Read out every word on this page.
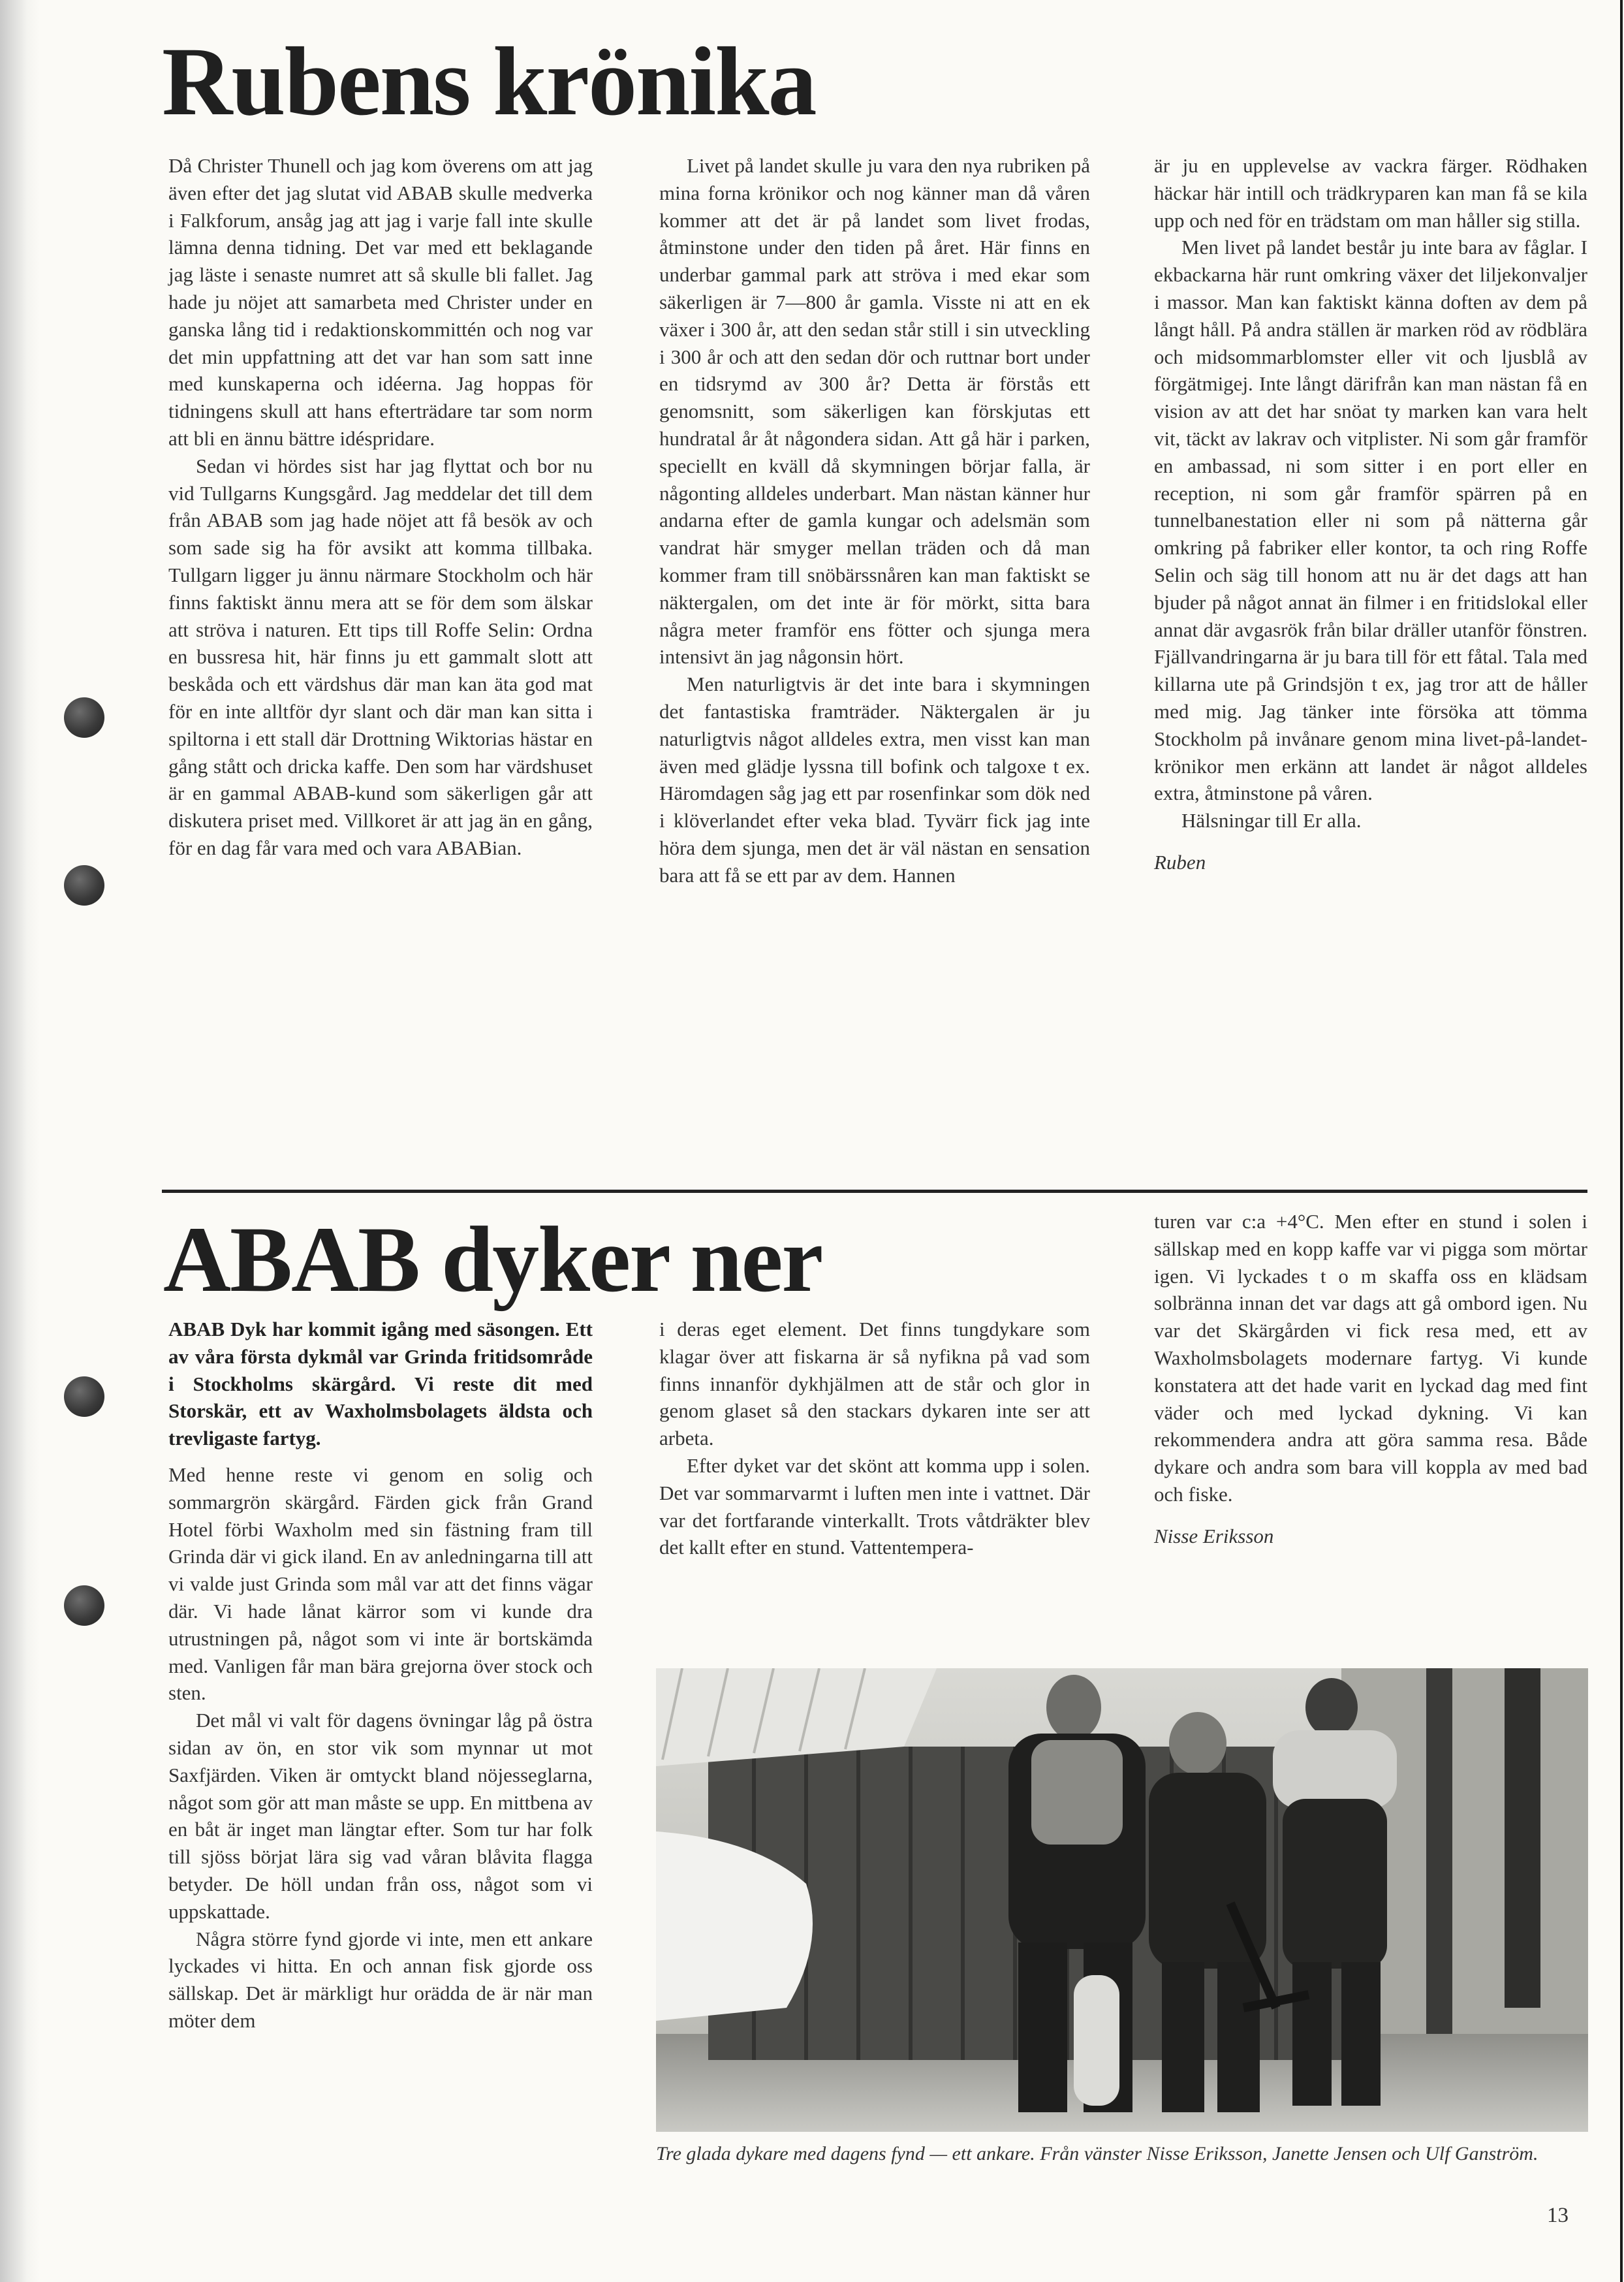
Rubens krönika

Då Christer Thunell och jag kom överens om att jag även efter det jag slutat vid ABAB skulle medverka i Falkforum, ansåg jag att jag i varje fall inte skulle lämna denna tidning. Det var med ett beklagande jag läste i senaste numret att så skulle bli fallet. Jag hade ju nöjet att samarbeta med Christer under en ganska lång tid i redaktionskommittén och nog var det min uppfattning att det var han som satt inne med kunskaperna och idéerna. Jag hoppas för tidningens skull att hans efterträdare tar som norm att bli en ännu bättre idéspridare.

Sedan vi hördes sist har jag flyttat och bor nu vid Tullgarns Kungsgård. Jag meddelar det till dem från ABAB som jag hade nöjet att få besök av och som sade sig ha för avsikt att komma tillbaka. Tullgarn ligger ju ännu närmare Stockholm och här finns faktiskt ännu mera att se för dem som älskar att ströva i naturen. Ett tips till Roffe Selin: Ordna en bussresa hit, här finns ju ett gammalt slott att beskåda och ett värdshus där man kan äta god mat för en inte alltför dyr slant och där man kan sitta i spiltorna i ett stall där Drottning Wiktorias hästar en gång stått och dricka kaffe. Den som har värdshuset är en gammal ABAB-kund som säkerligen går att diskutera priset med. Villkoret är att jag än en gång, för en dag får vara med och vara ABABian.

Livet på landet skulle ju vara den nya rubriken på mina forna krönikor och nog känner man då våren kommer att det är på landet som livet frodas, åtminstone under den tiden på året. Här finns en underbar gammal park att ströva i med ekar som säkerligen är 7—800 år gamla. Visste ni att en ek växer i 300 år, att den sedan står still i sin utveckling i 300 år och att den sedan dör och ruttnar bort under en tidsrymd av 300 år? Detta är förstås ett genomsnitt, som säkerligen kan förskjutas ett hundratal år åt någondera sidan. Att gå här i parken, speciellt en kväll då skymningen börjar falla, är någonting alldeles underbart. Man nästan känner hur andarna efter de gamla kungar och adelsmän som vandrat här smyger mellan träden och då man kommer fram till snöbärssnåren kan man faktiskt se näktergalen, om det inte är för mörkt, sitta bara några meter framför ens fötter och sjunga mera intensivt än jag någonsin hört.

Men naturligtvis är det inte bara i skymningen det fantastiska framträder. Näktergalen är ju naturligtvis något alldeles extra, men visst kan man även med glädje lyssna till bofink och talgoxe t ex. Häromdagen såg jag ett par rosenfinkar som dök ned i klöverlandet efter veka blad. Tyvärr fick jag inte höra dem sjunga, men det är väl nästan en sensation bara att få se ett par av dem. Hannen

är ju en upplevelse av vackra färger. Rödhaken häckar här intill och trädkryparen kan man få se kila upp och ned för en trädstam om man håller sig stilla.

Men livet på landet består ju inte bara av fåglar. I ekbackarna här runt omkring växer det liljekonvaljer i massor. Man kan faktiskt känna doften av dem på långt håll. På andra ställen är marken röd av rödblära och midsommarblomster eller vit och ljusblå av förgätmigej. Inte långt därifrån kan man nästan få en vision av att det har snöat ty marken kan vara helt vit, täckt av lakrav och vitplister. Ni som går framför en ambassad, ni som sitter i en port eller en reception, ni som går framför spärren på en tunnelbanestation eller ni som på nätterna går omkring på fabriker eller kontor, ta och ring Roffe Selin och säg till honom att nu är det dags att han bjuder på något annat än filmer i en fritidslokal eller annat där avgasrök från bilar dräller utanför fönstren. Fjällvandringarna är ju bara till för ett fåtal. Tala med killarna ute på Grindsjön t ex, jag tror att de håller med mig. Jag tänker inte försöka att tömma Stockholm på invånare genom mina livet-på-landet-krönikor men erkänn att landet är något alldeles extra, åtminstone på våren.

Hälsningar till Er alla.

Ruben

ABAB dyker ner

ABAB Dyk har kommit igång med säsongen. Ett av våra första dykmål var Grinda fritidsområde i Stockholms skärgård. Vi reste dit med Storskär, ett av Waxholmsbolagets äldsta och trevligaste fartyg.

Med henne reste vi genom en solig och sommargrön skärgård. Färden gick från Grand Hotel förbi Waxholm med sin fästning fram till Grinda där vi gick iland. En av anledningarna till att vi valde just Grinda som mål var att det finns vägar där. Vi hade lånat kärror som vi kunde dra utrustningen på, något som vi inte är bortskämda med. Vanligen får man bära grejorna över stock och sten.

Det mål vi valt för dagens övningar låg på östra sidan av ön, en stor vik som mynnar ut mot Saxfjärden. Viken är omtyckt bland nöjesseglarna, något som gör att man måste se upp. En mittbena av en båt är inget man längtar efter. Som tur har folk till sjöss börjat lära sig vad våran blåvita flagga betyder. De höll undan från oss, något som vi uppskattade.

Några större fynd gjorde vi inte, men ett ankare lyckades vi hitta. En och annan fisk gjorde oss sällskap. Det är märkligt hur orädda de är när man möter dem

i deras eget element. Det finns tungdykare som klagar över att fiskarna är så nyfikna på vad som finns innanför dykhjälmen att de står och glor in genom glaset så den stackars dykaren inte ser att arbeta.

Efter dyket var det skönt att komma upp i solen. Det var sommarvarmt i luften men inte i vattnet. Där var det fortfarande vinterkallt. Trots våtdräkter blev det kallt efter en stund. Vattentempera-

turen var c:a +4°C. Men efter en stund i solen i sällskap med en kopp kaffe var vi pigga som mörtar igen. Vi lyckades t o m skaffa oss en klädsam solbränna innan det var dags att gå ombord igen. Nu var det Skärgården vi fick resa med, ett av Waxholmsbolagets modernare fartyg. Vi kunde konstatera att det hade varit en lyckad dag med fint väder och med lyckad dykning. Vi kan rekommendera andra att göra samma resa. Både dykare och andra som bara vill koppla av med bad och fiske.

Nisse Eriksson

Tre glada dykare med dagens fynd — ett ankare. Från vänster Nisse Eriksson, Janette Jensen och Ulf Ganström.

13
